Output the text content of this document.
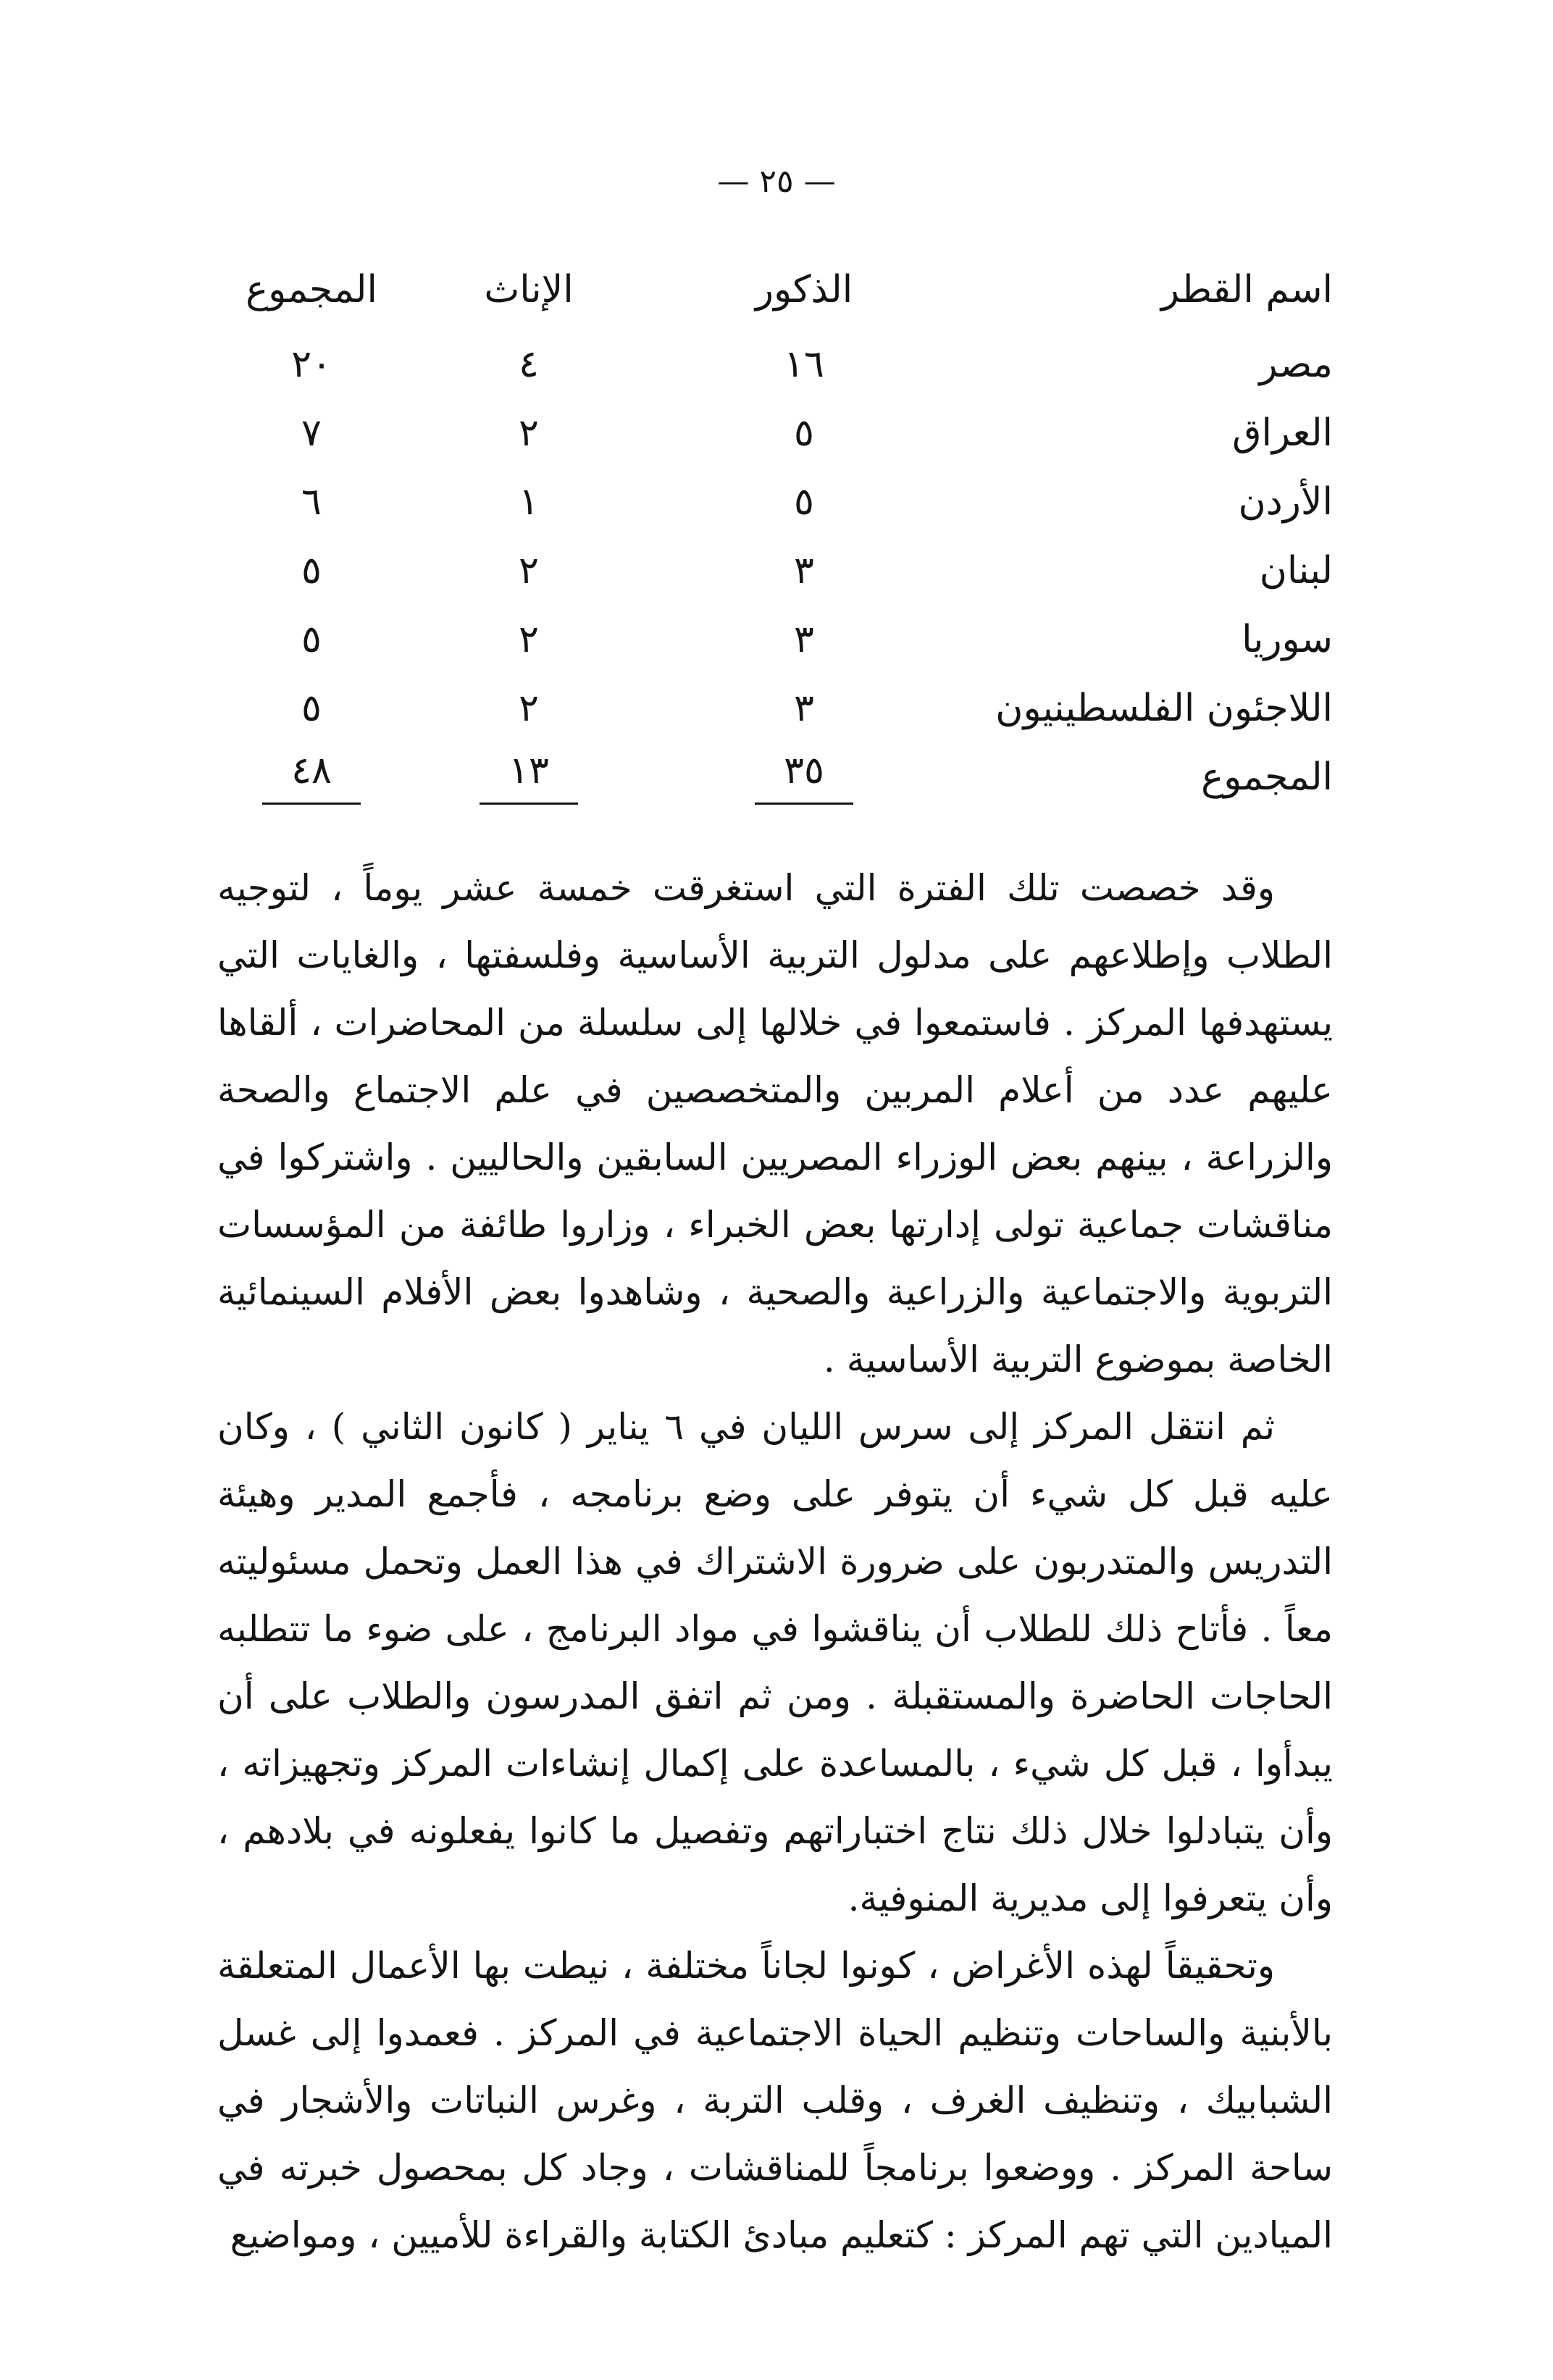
— ٢٥ —
اسم القطر	الذكور	الإناث	المجموع
مصر	١٦	٤	٢٠
العراق	٥	٢	٧
الأردن	٥	١	٦
لبنان	٣	٢	٥
سوريا	٣	٢	٥
اللاجئون الفلسطينيون	٣	٢	٥
المجموع	٣٥	١٣	٤٨

وقد خصصت تلك الفترة التي استغرقت خمسة عشر يوماً ، لتوجيه الطلاب وإطلاعهم على مدلول التربية الأساسية وفلسفتها ، والغايات التي يستهدفها المركز . فاستمعوا في خلالها إلى سلسلة من المحاضرات ، ألقاها عليهم عدد من أعلام المربين والمتخصصين في علم الاجتماع والصحة والزراعة ، بينهم بعض الوزراء المصريين السابقين والحاليين . واشتركوا في مناقشات جماعية تولى إدارتها بعض الخبراء ، وزاروا طائفة من المؤسسات التربوية والاجتماعية والزراعية والصحية ، وشاهدوا بعض الأفلام السينمائية الخاصة بموضوع التربية الأساسية .

ثم انتقل المركز إلى سرس الليان في ٦ يناير ( كانون الثاني ) ، وكان عليه قبل كل شيء أن يتوفر على وضع برنامجه ، فأجمع المدير وهيئة التدريس والمتدربون على ضرورة الاشتراك في هذا العمل وتحمل مسئوليته معاً . فأتاح ذلك للطلاب أن يناقشوا في مواد البرنامج ، على ضوء ما تتطلبه الحاجات الحاضرة والمستقبلة . ومن ثم اتفق المدرسون والطلاب على أن يبدأوا ، قبل كل شيء ، بالمساعدة على إكمال إنشاءات المركز وتجهيزاته ، وأن يتبادلوا خلال ذلك نتاج اختباراتهم وتفصيل ما كانوا يفعلونه في بلادهم ، وأن يتعرفوا إلى مديرية المنوفية.

وتحقيقاً لهذه الأغراض ، كونوا لجاناً مختلفة ، نيطت بها الأعمال المتعلقة بالأبنية والساحات وتنظيم الحياة الاجتماعية في المركز . فعمدوا إلى غسل الشبابيك ، وتنظيف الغرف ، وقلب التربة ، وغرس النباتات والأشجار في ساحة المركز . ووضعوا برنامجاً للمناقشات ، وجاد كل بمحصول خبرته في الميادين التي تهم المركز : كتعليم مبادئ الكتابة والقراءة للأميين ، ومواضيع
